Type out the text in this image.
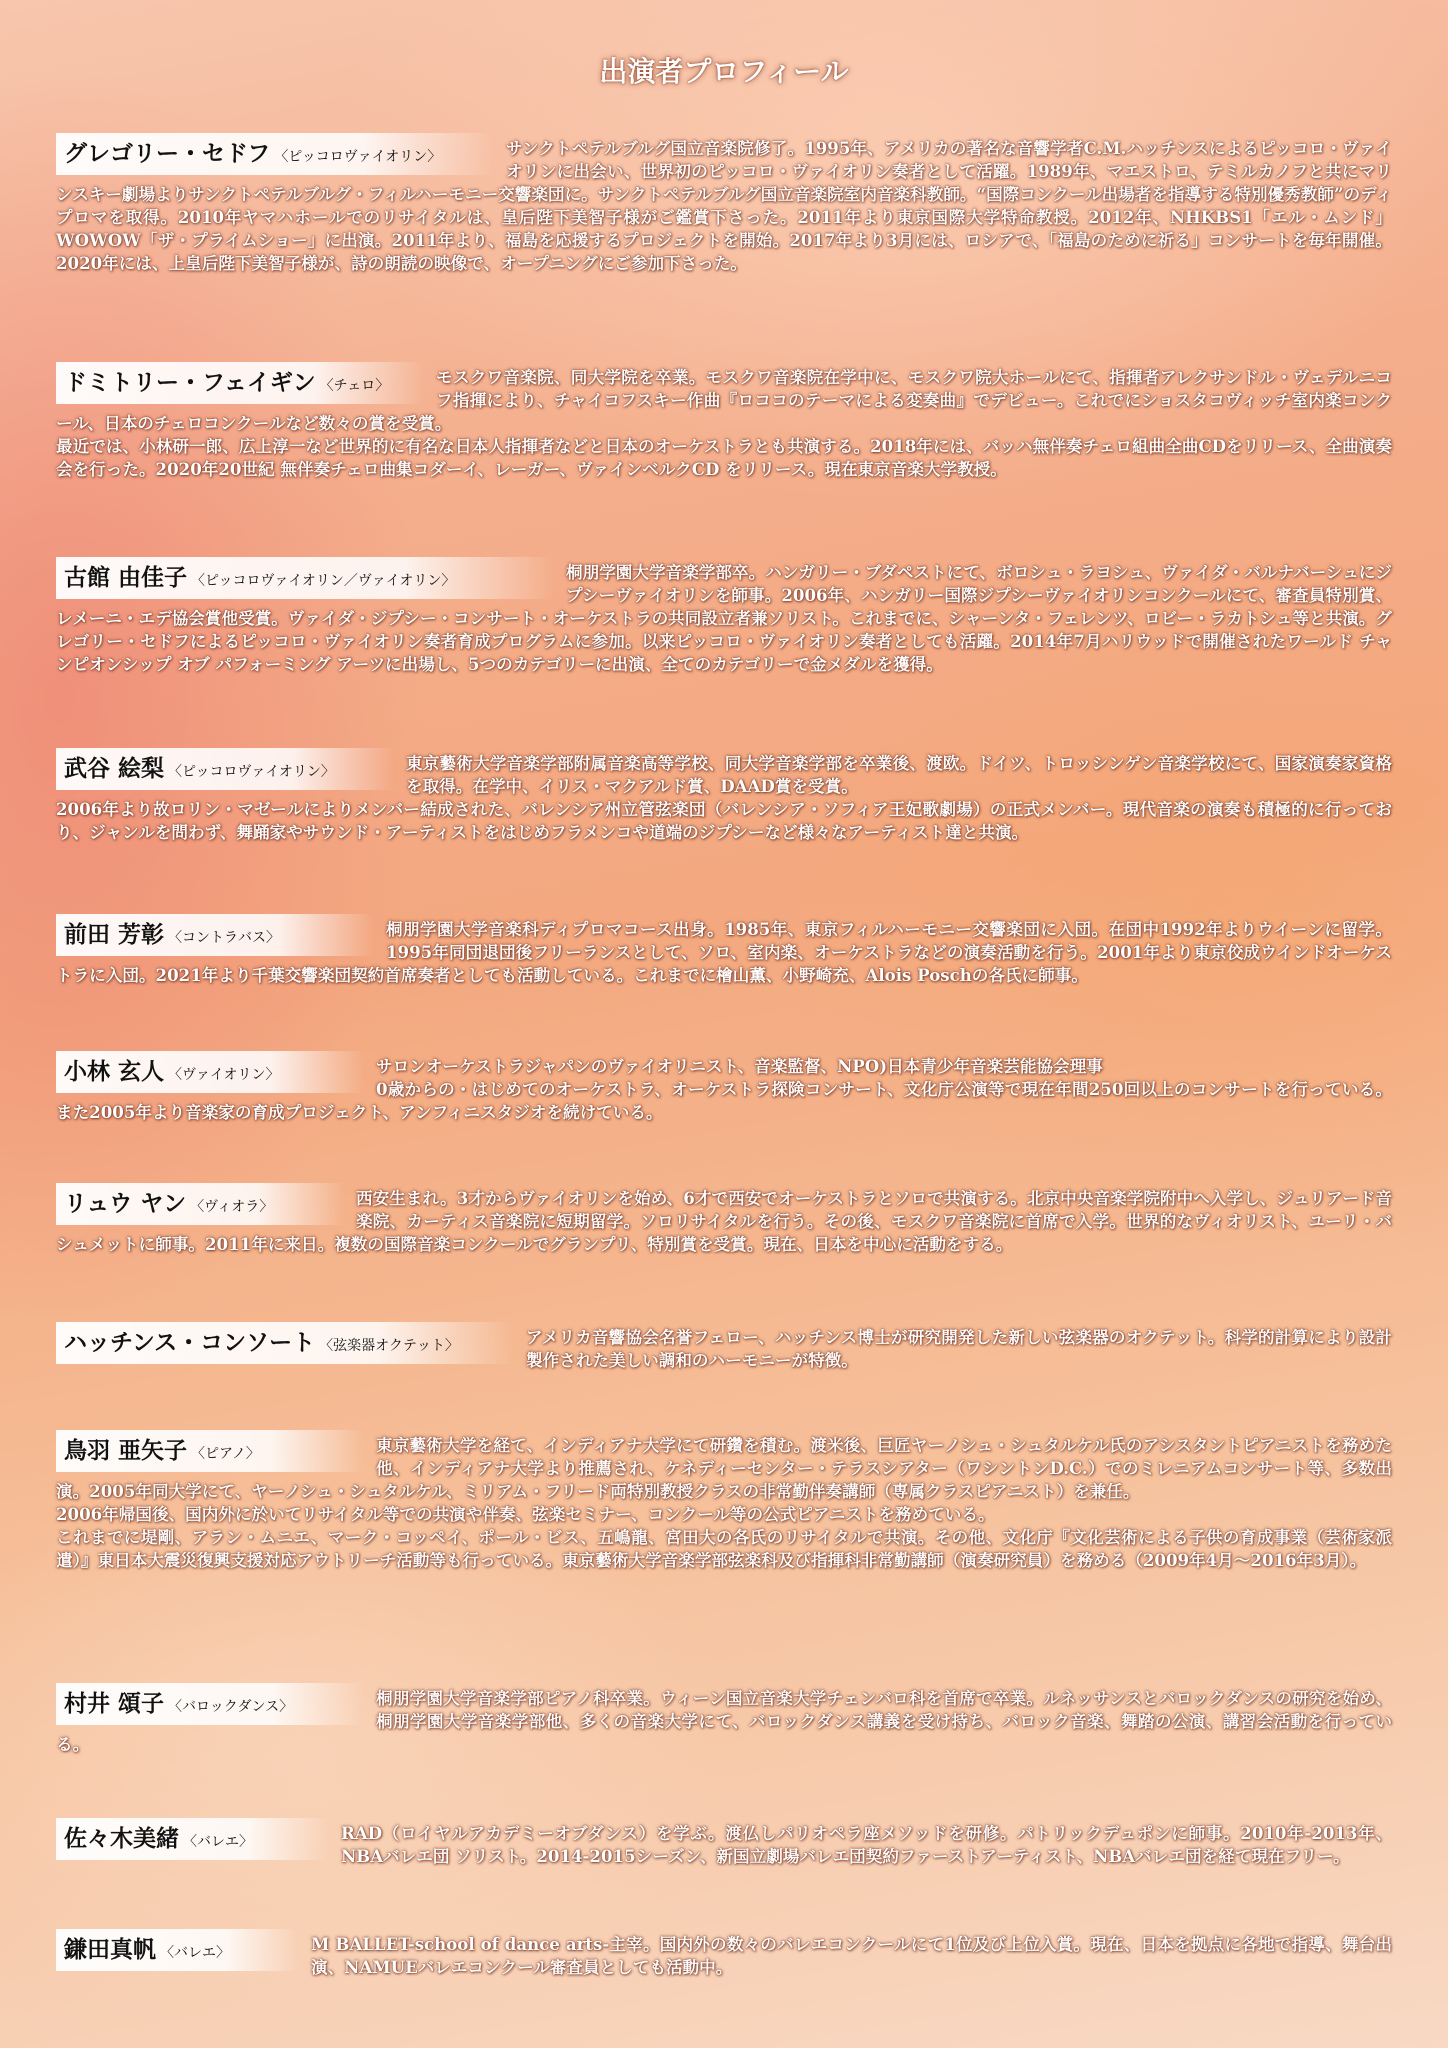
出演者プロフィール
グレゴリー・セドフ 〈ピッコロヴァイオリン〉	サンクトペテルブルグ国立音楽院修了。1995年、アメリカの著名な音響学者C.M.ハッチンスによるピッコロ・ヴァイオリンに出会い、世界初のピッコロ・ヴァイオリン奏者として活躍。1989年、マエストロ、テミルカノフと共にマリンスキー劇場よりサンクトペテルブルグ・フィルハーモニー交響楽団に。サンクトペテルブルグ国立音楽院室内音楽科教師。“国際コンクール出場者を指導する特別優秀教師”のディプロマを取得。2010年ヤマハホールでのリサイタルは、皇后陛下美智子様がご鑑賞下さった。2011年より東京国際大学特命教授。2012年、NHKBS1「エル・ムンド」WOWOW「ザ・プライムショー」に出演。2011年より、福島を応援するプロジェクトを開始。2017年より3月には、ロシアで、「福島のために祈る」コンサートを毎年開催。2020年には、上皇后陛下美智子様が、詩の朗読の映像で、オープニングにご参加下さった。

ドミトリー・フェイギン 〈チェロ〉	モスクワ音楽院、同大学院を卒業。モスクワ音楽院在学中に、モスクワ院大ホールにて、指揮者アレクサンドル・ヴェデルニコフ指揮により、チャイコフスキー作曲『ロココのテーマによる変奏曲』でデビュー。これでにショスタコヴィッチ室内楽コンクール、日本のチェロコンクールなど数々の賞を受賞。

最近では、小林研一郎、広上淳一など世界的に有名な日本人指揮者などと日本のオーケストラとも共演する。2018年には、バッハ無伴奏チェロ組曲全曲CDをリリース、全曲演奏会を行った。2020年20世紀 無伴奏チェロ曲集コダーイ、レーガー、ヴァインベルクCD をリリース。現在東京音楽大学教授。

古館 由佳子 〈ピッコロヴァイオリン／ヴァイオリン〉	桐朋学園大学音楽学部卒。ハンガリー・ブダペストにて、ボロシュ・ラヨシュ、ヴァイダ・バルナバーシュにジプシーヴァイオリンを師事。2006年、ハンガリー国際ジプシーヴァイオリンコンクールにて、審査員特別賞、レメーニ・エデ協会賞他受賞。ヴァイダ・ジプシー・コンサート・オーケストラの共同設立者兼ソリスト。これまでに、シャーンタ・フェレンツ、ロビー・ラカトシュ等と共演。グレゴリー・セドフによるピッコロ・ヴァイオリン奏者育成プログラムに参加。以来ピッコロ・ヴァイオリン奏者としても活躍。2014年7月ハリウッドで開催されたワールド チャンピオンシップ オブ パフォーミング アーツに出場し、5つのカテゴリーに出演、全てのカテゴリーで金メダルを獲得。

武谷 絵梨 〈ピッコロヴァイオリン〉	東京藝術大学音楽学部附属音楽高等学校、同大学音楽学部を卒業後、渡欧。ドイツ、トロッシンゲン音楽学校にて、国家演奏家資格を取得。在学中、イリス・マクアルド賞、DAAD賞を受賞。

2006年より故ロリン・マゼールによりメンバー結成された、バレンシア州立管弦楽団（バレンシア・ソフィア王妃歌劇場）の正式メンバー。現代音楽の演奏も積極的に行っており、ジャンルを問わず、舞踊家やサウンド・アーティストをはじめフラメンコや道端のジプシーなど様々なアーティスト達と共演。

前田 芳彰 〈コントラバス〉	桐朋学園大学音楽科ディプロマコース出身。1985年、東京フィルハーモニー交響楽団に入団。在団中1992年よりウイーンに留学。1995年同団退団後フリーランスとして、ソロ、室内楽、オーケストラなどの演奏活動を行う。2001年より東京佼成ウインドオーケストラに入団。2021年より千葉交響楽団契約首席奏者としても活動している。これまでに檜山薫、小野崎充、Alois Poschの各氏に師事。

小林 玄人 〈ヴァイオリン〉	サロンオーケストラジャパンのヴァイオリニスト、音楽監督、NPO)日本青少年音楽芸能協会理事

0歳からの・はじめてのオーケストラ、オーケストラ探険コンサート、文化庁公演等で現在年間250回以上のコンサートを行っている。また2005年より音楽家の育成プロジェクト、アンフィニスタジオを続けている。

リュウ ヤン 〈ヴィオラ〉	西安生まれ。3才からヴァイオリンを始め、6才で西安でオーケストラとソロで共演する。北京中央音楽学院附中へ入学し、ジュリアード音楽院、カーティス音楽院に短期留学。ソロリサイタルを行う。その後、モスクワ音楽院に首席で入学。世界的なヴィオリスト、ユーリ・バシュメットに師事。2011年に来日。複数の国際音楽コンクールでグランプリ、特別賞を受賞。現在、日本を中心に活動をする。

ハッチンス・コンソート 〈弦楽器オクテット〉	アメリカ音響協会名誉フェロー、ハッチンス博士が研究開発した新しい弦楽器のオクテット。科学的計算により設計製作された美しい調和のハーモニーが特徴。

鳥羽 亜矢子 〈ピアノ〉	東京藝術大学を経て、インディアナ大学にて研鑽を積む。渡米後、巨匠ヤーノシュ・シュタルケル氏のアシスタントピアニストを務めた他、インディアナ大学より推薦され、ケネディーセンター・テラスシアター（ワシントンD.C.）でのミレニアムコンサート等、多数出演。2005年同大学にて、ヤーノシュ・シュタルケル、ミリアム・フリード両特別教授クラスの非常勤伴奏講師（専属クラスピアニスト）を兼任。

2006年帰国後、国内外に於いてリサイタル等での共演や伴奏、弦楽セミナー、コンクール等の公式ピアニストを務めている。

これまでに堤剛、アラン・ムニエ、マーク・コッペイ、ポール・ビス、五嶋龍、宮田大の各氏のリサイタルで共演。その他、文化庁『文化芸術による子供の育成事業（芸術家派遣）』東日本大震災復興支援対応アウトリーチ活動等も行っている。東京藝術大学音楽学部弦楽科及び指揮科非常勤講師（演奏研究員）を務める（2009年4月～2016年3月）。

村井 頌子 〈バロックダンス〉	桐朋学園大学音楽学部ピアノ科卒業。ウィーン国立音楽大学チェンバロ科を首席で卒業。ルネッサンスとバロックダンスの研究を始め、桐朋学園大学音楽学部他、多くの音楽大学にて、バロックダンス講義を受け持ち、バロック音楽、舞踏の公演、講習会活動を行っている。

佐々木美緒 〈バレエ〉	RAD（ロイヤルアカデミーオブダンス）を学ぶ。渡仏しパリオペラ座メソッドを研修。パトリックデュポンに師事。2010年-2013年、NBAバレエ団 ソリスト。2014-2015シーズン、新国立劇場バレエ団契約ファーストアーティスト、NBAバレエ団を経て現在フリー。

鎌田真帆 〈バレエ〉	M BALLET-school of dance arts-主宰。国内外の数々のバレエコンクールにて1位及び上位入賞。現在、日本を拠点に各地で指導、舞台出演、NAMUEバレエコンクール審査員としても活動中。
